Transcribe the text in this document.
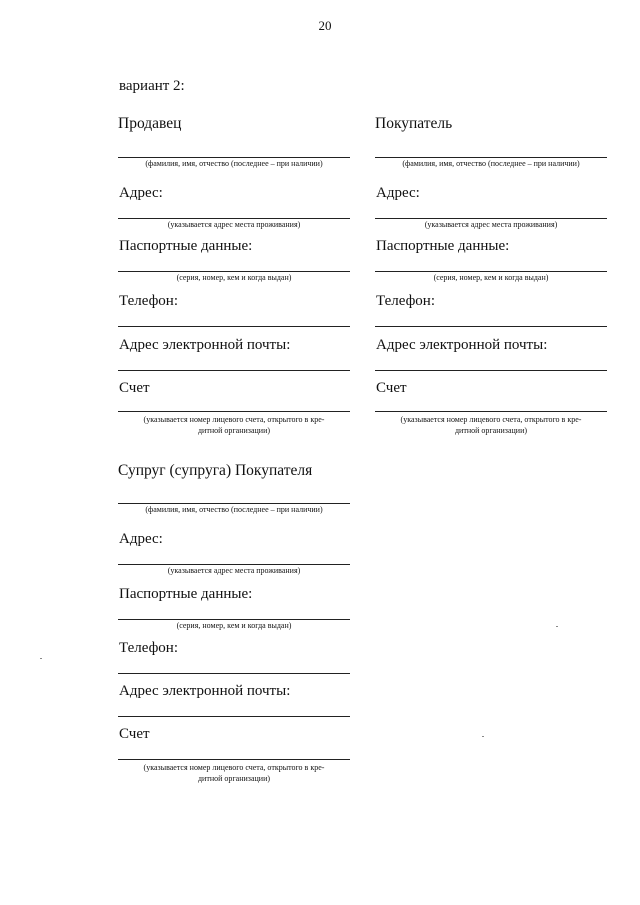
20
вариант 2:
Продавец
(фамилия, имя, отчество (последнее – при наличии)
Адрес:
(указывается адрес места проживания)
Паспортные данные:
(серия, номер, кем и когда выдан)
Телефон:
Адрес электронной почты:
Счет
(указывается номер лицевого счета, открытого в кре-
дитной организации)
Покупатель
(фамилия, имя, отчество (последнее – при наличии)
Адрес:
(указывается адрес места проживания)
Паспортные данные:
(серия, номер, кем и когда выдан)
Телефон:
Адрес электронной почты:
Счет
(указывается номер лицевого счета, открытого в кре-
дитной организации)
Супруг (супруга) Покупателя
(фамилия, имя, отчество (последнее – при наличии)
Адрес:
(указывается адрес места проживания)
Паспортные данные:
(серия, номер, кем и когда выдан)
Телефон:
Адрес электронной почты:
Счет
(указывается номер лицевого счета, открытого в кре-
дитной организации)
